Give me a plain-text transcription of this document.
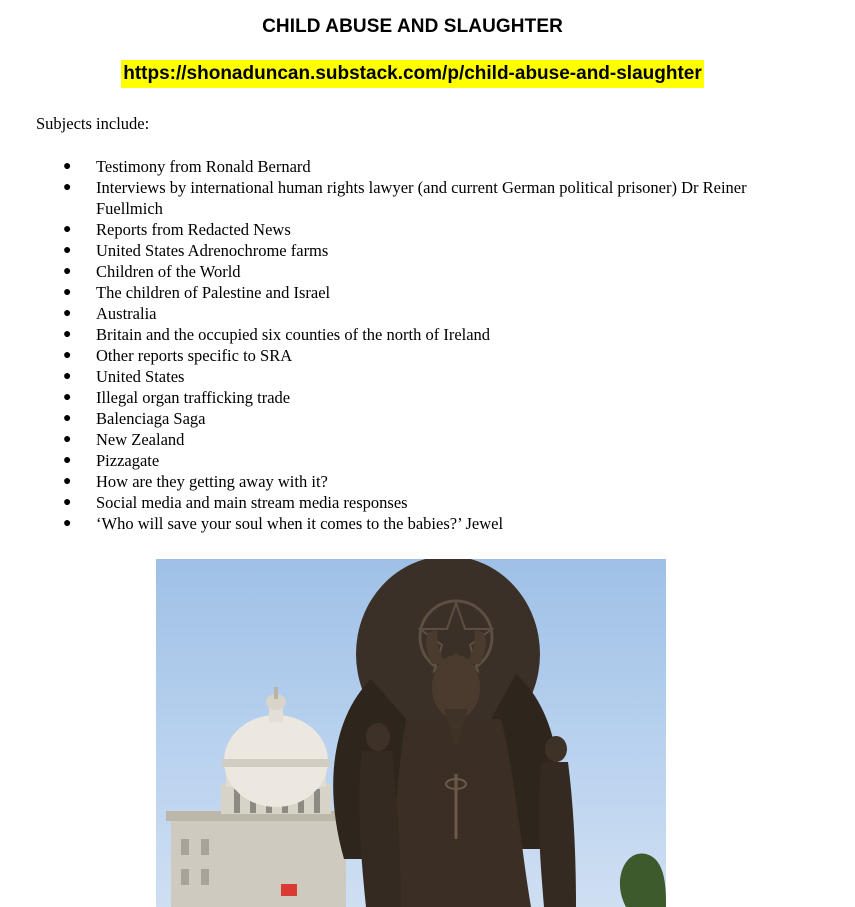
CHILD ABUSE AND SLAUGHTER
https://shonaduncan.substack.com/p/child-abuse-and-slaughter
Subjects include:
● Testimony from Ronald Bernard
● Interviews by international human rights lawyer (and current German political prisoner) Dr Reiner Fuellmich
● Reports from Redacted News
● United States Adrenochrome farms
● Children of the World
● The children of Palestine and Israel
● Australia
● Britain and the occupied six counties of the north of Ireland
● Other reports specific to SRA
● United States
● Illegal organ trafficking trade
● Balenciaga Saga
● New Zealand
● Pizzagate
● How are they getting away with it?
● Social media and main stream media responses
● ‘Who will save your soul when it comes to the babies?’ Jewel
